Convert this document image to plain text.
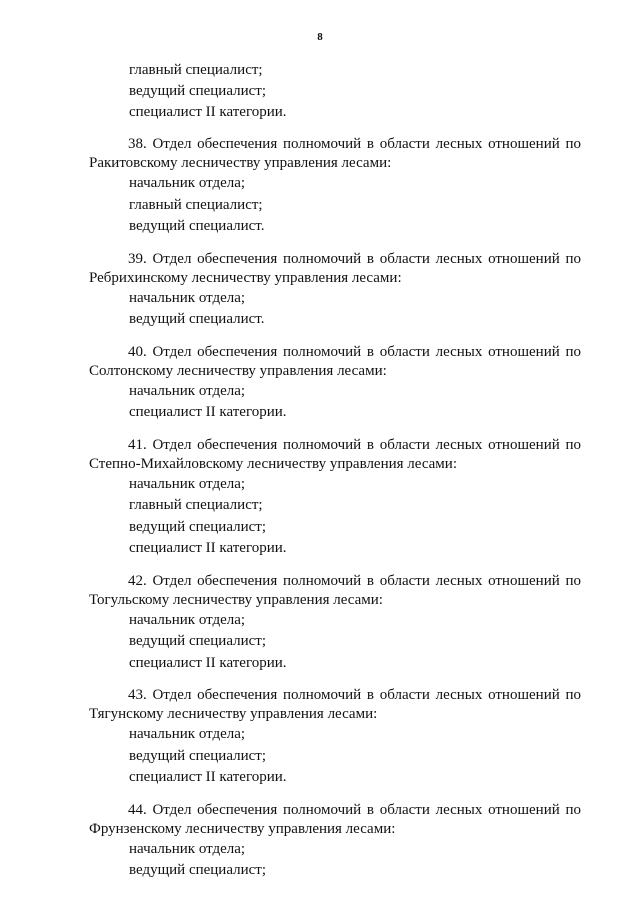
8
главный специалист;
ведущий специалист;
специалист II категории.
38. Отдел обеспечения полномочий в области лесных отношений по Ракитовскому лесничеству управления лесами:
начальник отдела;
главный специалист;
ведущий специалист.
39. Отдел обеспечения полномочий в области лесных отношений по Ребрихинскому лесничеству управления лесами:
начальник отдела;
ведущий специалист.
40. Отдел обеспечения полномочий в области лесных отношений по Солтонскому лесничеству управления лесами:
начальник отдела;
специалист II категории.
41. Отдел обеспечения полномочий в области лесных отношений по Степно-Михайловскому лесничеству управления лесами:
начальник отдела;
главный специалист;
ведущий специалист;
специалист II категории.
42. Отдел обеспечения полномочий в области лесных отношений по Тогульскому лесничеству управления лесами:
начальник отдела;
ведущий специалист;
специалист II категории.
43. Отдел обеспечения полномочий в области лесных отношений по Тягунскому лесничеству управления лесами:
начальник отдела;
ведущий специалист;
специалист II категории.
44. Отдел обеспечения полномочий в области лесных отношений по Фрунзенскому лесничеству управления лесами:
начальник отдела;
ведущий специалист;
